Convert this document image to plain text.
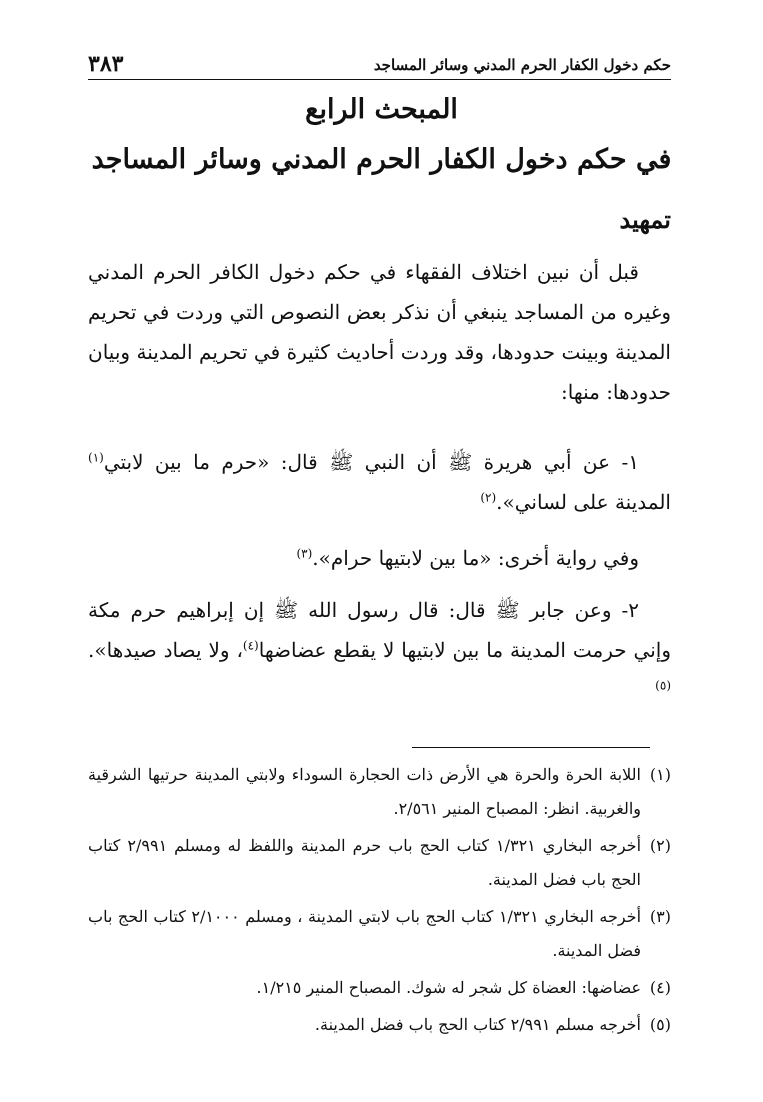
٣٨٣	حكم دخول الكفار الحرم المدني وسائر المساجد
المبحث الرابع
في حكم دخول الكفار الحرم المدني وسائر المساجد
تمهيد

قبل أن نبين اختلاف الفقهاء في حكم دخول الكافر الحرم المدني وغيره من المساجد ينبغي أن نذكر بعض النصوص التي وردت في تحريم المدينة وبينت حدودها، وقد وردت أحاديث كثيرة في تحريم المدينة وبيان حدودها: منها:

١- عن أبي هريرة ﷺ أن النبي ﷺ قال: «حرم ما بين لابتي$^{(١)}$ المدينة على لساني».$^{(٢)}$

وفي رواية أخرى: «ما بين لابتيها حرام».$^{(٣)}$

٢- وعن جابر ﷺ قال: قال رسول الله ﷺ إن إبراهيم حرم مكة وإني حرمت المدينة ما بين لابتيها لا يقطع عضاضها$^{(٤)}$، ولا يصاد صيدها».$^{(٥)}$

(١)
اللابة الحرة والحرة هي الأرض ذات الحجارة السوداء ولابتي المدينة حرتيها الشرقية والغربية. انظر: المصباح المنير ٢/٥٦١.
(٢)
أخرجه البخاري ١/٣٢١ كتاب الحج باب حرم المدينة واللفظ له ومسلم ٢/٩٩١ كتاب الحج باب فضل المدينة.
(٣)
أخرجه البخاري ١/٣٢١ كتاب الحج باب لابتي المدينة ، ومسلم ٢/١٠٠٠ كتاب الحج باب فضل المدينة.
(٤)
عضاضها: العضاة كل شجر له شوك. المصباح المنير ١/٢١٥.
(٥)
أخرجه مسلم ٢/٩٩١ كتاب الحج باب فضل المدينة.
